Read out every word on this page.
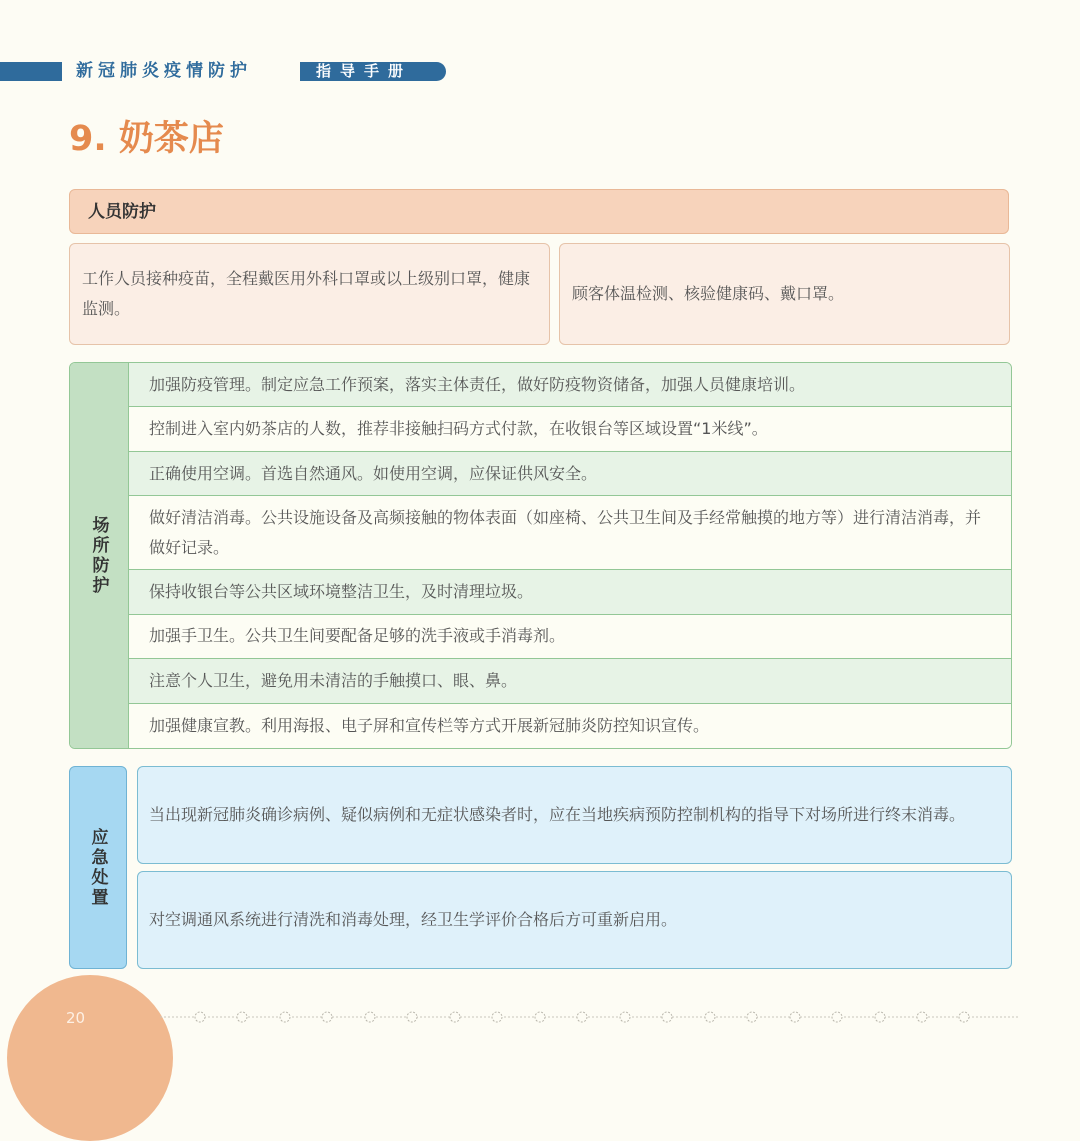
新冠肺炎疫情防护	指导手册
9. 奶茶店
人员防护
工作人员接种疫苗，全程戴医用外科口罩或以上级别口罩，健康监测。
顾客体温检测、核验健康码、戴口罩。
场所防护
加强防疫管理。制定应急工作预案，落实主体责任，做好防疫物资储备，加强人员健康培训。
控制进入室内奶茶店的人数，推荐非接触扫码方式付款，在收银台等区域设置“1米线”。
正确使用空调。首选自然通风。如使用空调，应保证供风安全。
做好清洁消毒。公共设施设备及高频接触的物体表面（如座椅、公共卫生间及手经常触摸的地方等）进行清洁消毒，并做好记录。
保持收银台等公共区域环境整洁卫生，及时清理垃圾。
加强手卫生。公共卫生间要配备足够的洗手液或手消毒剂。
注意个人卫生，避免用未清洁的手触摸口、眼、鼻。
加强健康宣教。利用海报、电子屏和宣传栏等方式开展新冠肺炎防控知识宣传。
应急处置
当出现新冠肺炎确诊病例、疑似病例和无症状感染者时，应在当地疾病预防控制机构的指导下对场所进行终末消毒。
对空调通风系统进行清洗和消毒处理，经卫生学评价合格后方可重新启用。
20
